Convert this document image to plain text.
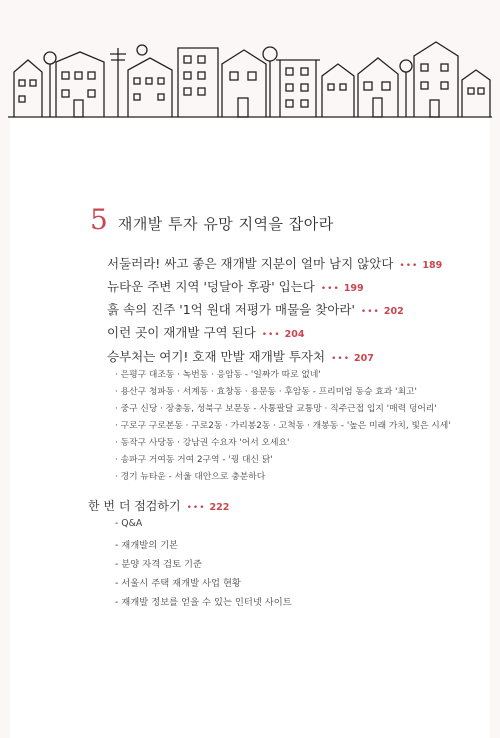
5 재개발 투자 유망 지역을 잡아라
서둘러라! 싸고 좋은 재개발 지분이 얼마 남지 않았다 ••• 189
뉴타운 주변 지역 '덩달아 후광' 입는다 ••• 199
흙 속의 진주 '1억 원대 저평가 매물을 찾아라' ••• 202
이런 곳이 재개발 구역 된다 ••• 204
승부처는 여기! 호재 만발 재개발 투자처 ••• 207
· 은평구 대조동 · 녹번동 · 응암동 - '일짜가 따로 없네'
· 용산구 청파동 · 서계동 · 효창동 · 용문동 · 후암동 - 프리미엄 동승 효과 '최고'
· 중구 신당 · 장충동, 성북구 보문동 - 사통팔달 교통망 · 직주근접 입지 '매력 덩어리'
· 구로구 구로본동 · 구로2동 · 가리봉2동 · 고척동 · 개봉동 - '높은 미래 가치, 빛은 시세'
· 동작구 사당동 · 강남권 수요자 '어서 오세요'
· 송파구 거여동 거여 2구역 - '꿩 대신 닭'
· 경기 뉴타운 - 서울 대안으로 충분하다
한 번 더 점검하기 ••• 222
- Q&A
- 재개발의 기본
- 분양 자격 검토 기준
- 서울시 주택 재개발 사업 현황
- 재개발 정보를 얻을 수 있는 인터넷 사이트
